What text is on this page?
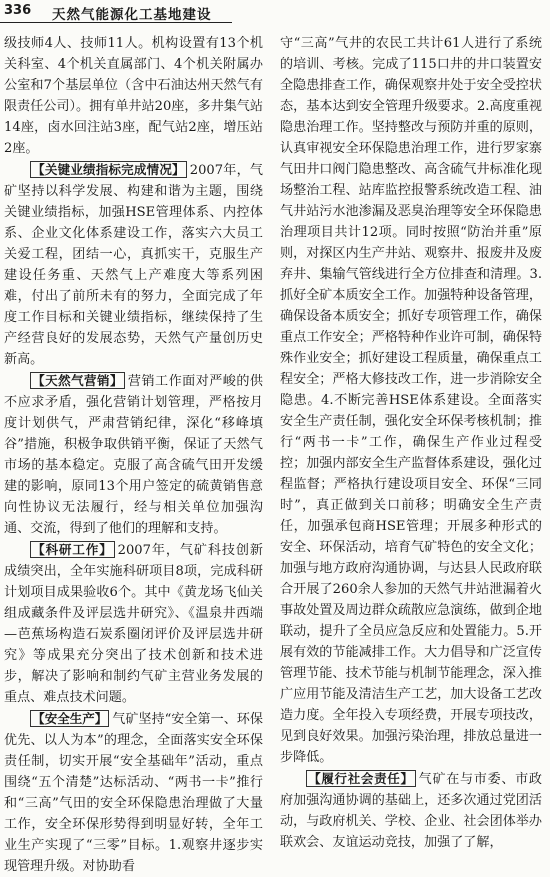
336 天然气能源化工基地建设

级技师4人、技师11人。机构设置有13个机关科室、4个机关直属部门、4个机关附属办公室和7个基层单位（含中石油达州天然气有限责任公司）。拥有单井站20座，多井集气站14座，卤水回注站3座，配气站2座，增压站2座。

【关键业绩指标完成情况】 2007年，气矿坚持以科学发展、构建和谐为主题，围绕关键业绩指标，加强HSE管理体系、内控体系、企业文化体系建设工作，落实六大员工关爱工程，团结一心，真抓实干，克服生产建设任务重、天然气上产难度大等系列困难，付出了前所未有的努力，全面完成了年度工作目标和关键业绩指标，继续保持了生产经营良好的发展态势，天然气产量创历史新高。

【天然气营销】 营销工作面对严峻的供不应求矛盾，强化营销计划管理，严格按月度计划供气，严肃营销纪律，深化“移峰填谷”措施，积极争取供销平衡，保证了天然气市场的基本稳定。克服了高含硫气田开发缓建的影响，原同13个用户签定的硫黄销售意向性协议无法履行，经与相关单位加强沟通、交流，得到了他们的理解和支持。

【科研工作】 2007年，气矿科技创新成绩突出，全年实施科研项目8项，完成科研计划项目成果验收6个。其中《黄龙场飞仙关组成藏条件及评层选井研究》、《温泉井西端—芭蕉场构造石炭系圈闭评价及评层选井研究》等成果充分突出了技术创新和技术进步，解决了影响和制约气矿主营业务发展的重点、难点技术问题。

【安全生产】 气矿坚持“安全第一、环保优先、以人为本”的理念，全面落实安全环保责任制，切实开展“安全基础年”活动，重点围绕“五个清楚”达标活动、“两书一卡”推行和“三高”气田的安全环保隐患治理做了大量工作，安全环保形势得到明显好转，全年工业生产实现了“三零”目标。1.观察井逐步实现管理升级。对协助看

守“三高”气井的农民工共计61人进行了系统的培训、考核。完成了115口井的井口装置安全隐患排查工作，确保观察井处于安全受控状态，基本达到安全管理升级要求。2.高度重视隐患治理工作。坚持整改与预防并重的原则，认真审视安全环保隐患治理工作，进行罗家寨气田井口阀门隐患整改、高含硫气井标准化现场整治工程、站库监控报警系统改造工程、油气井站污水池渗漏及恶臭治理等安全环保隐患治理项目共计12项。同时按照“防治并重”原则，对探区内生产井站、观察井、报废井及废弃井、集输气管线进行全方位排查和清理。3.抓好全矿本质安全工作。加强特种设备管理，确保设备本质安全；抓好专项管理工作，确保重点工作安全；严格特种作业许可制，确保特殊作业安全；抓好建设工程质量，确保重点工程安全；严格大修技改工作，进一步消除安全隐患。4.不断完善HSE体系建设。全面落实安全生产责任制，强化安全环保考核机制；推行“两书一卡”工作，确保生产作业过程受控；加强内部安全生产监督体系建设，强化过程监督；严格执行建设项目安全、环保“三同时”，真正做到关口前移；明确安全生产责任，加强承包商HSE管理；开展多种形式的安全、环保活动，培育气矿特色的安全文化；加强与地方政府沟通协调，与达县人民政府联合开展了260余人参加的天然气井站泄漏着火事故处置及周边群众疏散应急演练，做到企地联动，提升了全员应急反应和处置能力。5.开展有效的节能减排工作。大力倡导和广泛宣传管理节能、技术节能与机制节能理念，深入推广应用节能及清洁生产工艺，加大设备工艺改造力度。全年投入专项经费，开展专项技改，见到良好效果。加强污染治理，排放总量进一步降低。

【履行社会责任】 气矿在与市委、市政府加强沟通协调的基础上，还多次通过党团活动，与政府机关、学校、企业、社会团体举办联欢会、友谊运动竞技，加强了了解，
